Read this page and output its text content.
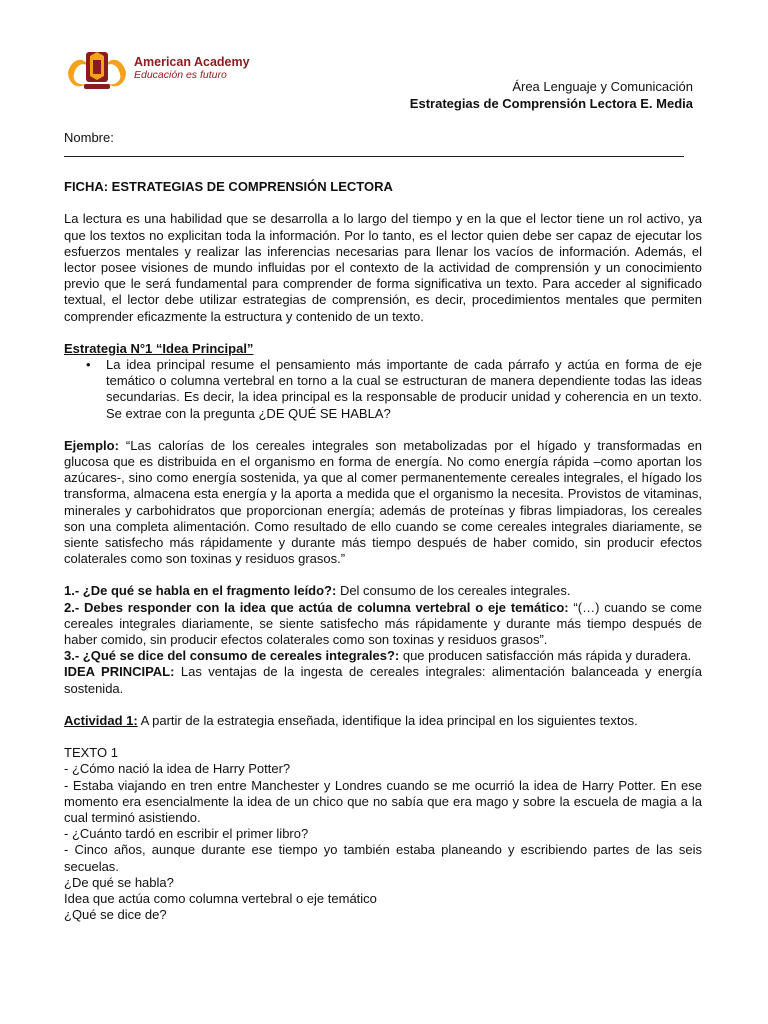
American Academy
Educación es futuro
Área Lenguaje y Comunicación
Estrategias de Comprensión Lectora E. Media
Nombre:
FICHA: ESTRATEGIAS DE COMPRENSIÓN LECTORA
La lectura es una habilidad que se desarrolla a lo largo del tiempo y en la que el lector tiene un rol activo, ya que los textos no explicitan toda la información. Por lo tanto, es el lector quien debe ser capaz de ejecutar los esfuerzos mentales y realizar las inferencias necesarias para llenar los vacíos de información. Además, el lector posee visiones de mundo influidas por el contexto de la actividad de comprensión y un conocimiento previo que le será fundamental para comprender de forma significativa un texto. Para acceder al significado textual, el lector debe utilizar estrategias de comprensión, es decir, procedimientos mentales que permiten comprender eficazmente la estructura y contenido de un texto.
Estrategia N°1 “Idea Principal”
• La idea principal resume el pensamiento más importante de cada párrafo y actúa en forma de eje temático o columna vertebral en torno a la cual se estructuran de manera dependiente todas las ideas secundarias. Es decir, la idea principal es la responsable de producir unidad y coherencia en un texto. Se extrae con la pregunta ¿DE QUÉ SE HABLA?
Ejemplo: “Las calorías de los cereales integrales son metabolizadas por el hígado y transformadas en glucosa que es distribuida en el organismo en forma de energía. No como energía rápida –como aportan los azúcares-, sino como energía sostenida, ya que al comer permanentemente cereales integrales, el hígado los transforma, almacena esta energía y la aporta a medida que el organismo la necesita. Provistos de vitaminas, minerales y carbohidratos que proporcionan energía; además de proteínas y fibras limpiadoras, los cereales son una completa alimentación. Como resultado de ello cuando se come cereales integrales diariamente, se siente satisfecho más rápidamente y durante más tiempo después de haber comido, sin producir efectos colaterales como son toxinas y residuos grasos.”
1.- ¿De qué se habla en el fragmento leído?: Del consumo de los cereales integrales.
2.- Debes responder con la idea que actúa de columna vertebral o eje temático: “(…) cuando se come cereales integrales diariamente, se siente satisfecho más rápidamente y durante más tiempo después de haber comido, sin producir efectos colaterales como son toxinas y residuos grasos”.
3.- ¿Qué se dice del consumo de cereales integrales?: que producen satisfacción más rápida y duradera.
IDEA PRINCIPAL: Las ventajas de la ingesta de cereales integrales: alimentación balanceada y energía sostenida.
Actividad 1: A partir de la estrategia enseñada, identifique la idea principal en los siguientes textos.
TEXTO 1
- ¿Cómo nació la idea de Harry Potter?
- Estaba viajando en tren entre Manchester y Londres cuando se me ocurrió la idea de Harry Potter. En ese momento era esencialmente la idea de un chico que no sabía que era mago y sobre la escuela de magia a la cual terminó asistiendo.
- ¿Cuánto tardó en escribir el primer libro?
- Cinco años, aunque durante ese tiempo yo también estaba planeando y escribiendo partes de las seis secuelas.
¿De qué se habla?
Idea que actúa como columna vertebral o eje temático
¿Qué se dice de?
